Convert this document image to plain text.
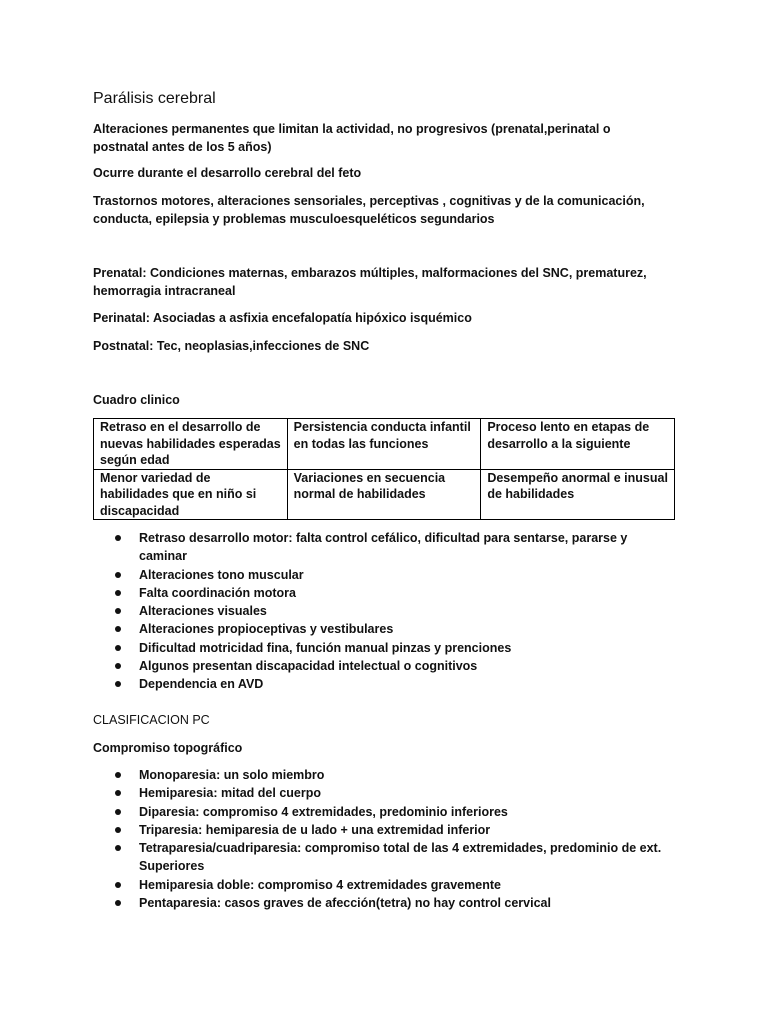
Parálisis cerebral

Alteraciones permanentes que limitan la actividad, no progresivos (prenatal,perinatal o postnatal antes de los 5 años)

Ocurre durante el desarrollo cerebral del feto

Trastornos motores, alteraciones sensoriales, perceptivas , cognitivas y de la comunicación, conducta, epilepsia y problemas musculoesqueléticos segundarios

Prenatal: Condiciones maternas, embarazos múltiples, malformaciones del SNC, prematurez, hemorragia intracraneal

Perinatal: Asociadas a asfixia encefalopatía hipóxico isquémico

Postnatal: Tec, neoplasias,infecciones de SNC

Cuadro clinico

Retraso en el desarrollo de nuevas habilidades esperadas según edad	Persistencia conducta infantil en todas las funciones	Proceso lento en etapas de desarrollo a la siguiente
Menor variedad de habilidades que en niño si discapacidad	Variaciones en secuencia normal de habilidades	Desempeño anormal e inusual de habilidades
Retraso desarrollo motor: falta control cefálico, dificultad para sentarse, pararse y caminar
Alteraciones tono muscular
Falta coordinación motora
Alteraciones visuales
Alteraciones propioceptivas y vestibulares
Dificultad motricidad fina, función manual pinzas y prenciones
Algunos presentan discapacidad intelectual o cognitivos
Dependencia en AVD

CLASIFICACION PC

Compromiso topográfico

Monoparesia: un solo miembro
Hemiparesia: mitad del cuerpo
Diparesia: compromiso 4 extremidades, predominio inferiores
Triparesia: hemiparesia de u lado + una extremidad inferior
Tetraparesia/cuadriparesia: compromiso total de las 4 extremidades, predominio de ext. Superiores
Hemiparesia doble: compromiso 4 extremidades gravemente
Pentaparesia: casos graves de afección(tetra) no hay control cervical
